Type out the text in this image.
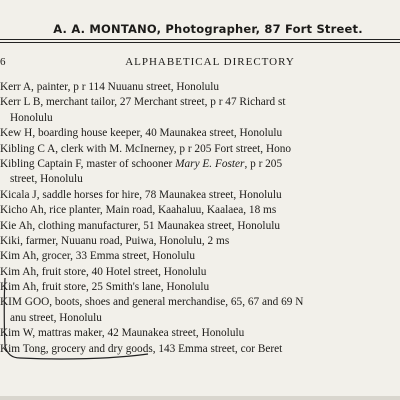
A. A. MONTANO, Photographer, 87 Fort Street.
6	ALPHABETICAL DIRECTORY
Kerr A, painter, p r 114 Nuuanu street, Honolulu
Kerr L B, merchant tailor, 27 Merchant street, p r 47 Richard st
Honolulu
Kew H, boarding house keeper, 40 Maunakea street, Honolulu
Kibling C A, clerk with M. McInerney, p r 205 Fort street, Hono
Kibling Captain F, master of schooner Mary E. Foster, p r 205
street, Honolulu
Kicala J, saddle horses for hire, 78 Maunakea street, Honolulu
Kicho Ah, rice planter, Main road, Kaahaluu, Kaalaea, 18 ms
Kie Ah, clothing manufacturer, 51 Maunakea street, Honolulu
Kiki, farmer, Nuuanu road, Puiwa, Honolulu, 2 ms
Kim Ah, grocer, 33 Emma street, Honolulu
Kim Ah, fruit store, 40 Hotel street, Honolulu
Kim Ah, fruit store, 25 Smith's lane, Honolulu
KIM GOO, boots, shoes and general merchandise, 65, 67 and 69 N
anu street, Honolulu
Kim W, mattras maker, 42 Maunakea street, Honolulu
Kim Tong, grocery and dry goods, 143 Emma street, cor Beret
